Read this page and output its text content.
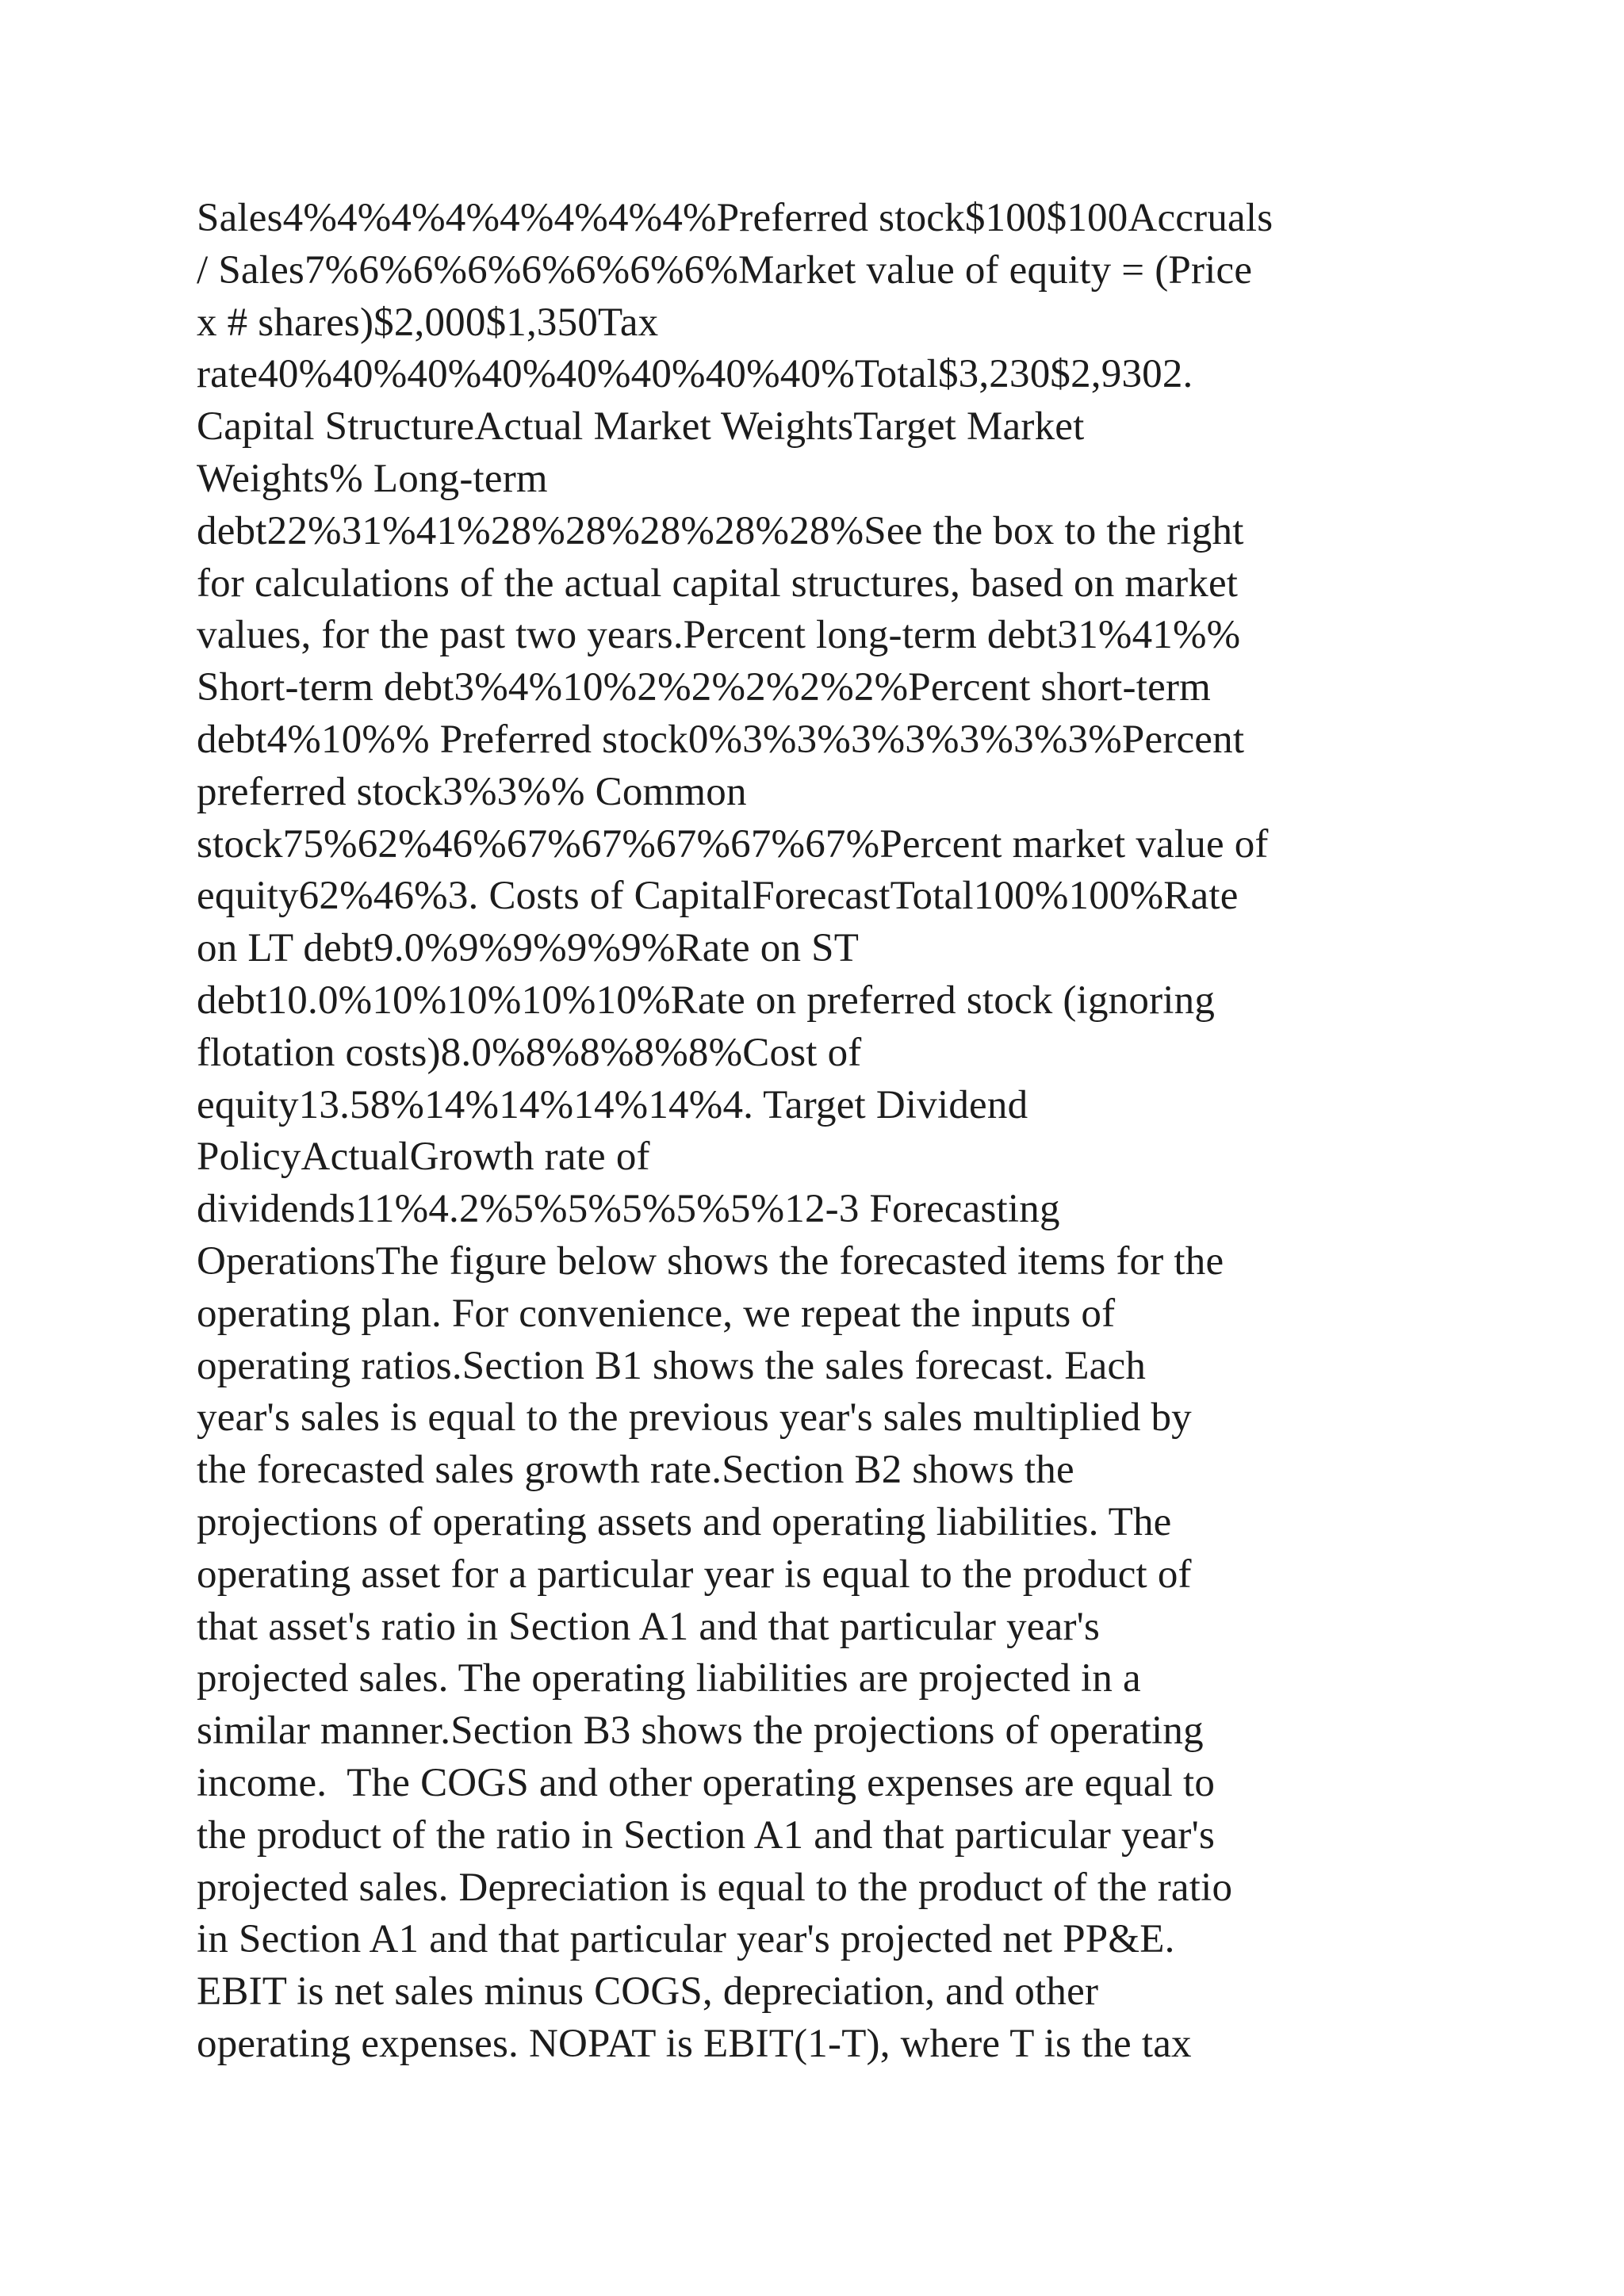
Sales4%4%4%4%4%4%4%4%Preferred stock$100$100Accruals
/ Sales7%6%6%6%6%6%6%6%Market value of equity = (Price
x # shares)$2,000$1,350Tax
rate40%40%40%40%40%40%40%40%Total$3,230$2,9302.
Capital StructureActual Market WeightsTarget Market
Weights% Long-term
debt22%31%41%28%28%28%28%28%See the box to the right
for calculations of the actual capital structures, based on market
values, for the past two years.Percent long-term debt31%41%%
Short-term debt3%4%10%2%2%2%2%2%Percent short-term
debt4%10%% Preferred stock0%3%3%3%3%3%3%3%Percent
preferred stock3%3%% Common
stock75%62%46%67%67%67%67%67%Percent market value of
equity62%46%3. Costs of CapitalForecastTotal100%100%Rate
on LT debt9.0%9%9%9%9%Rate on ST
debt10.0%10%10%10%10%Rate on preferred stock (ignoring
flotation costs)8.0%8%8%8%8%Cost of
equity13.58%14%14%14%14%4. Target Dividend
PolicyActualGrowth rate of
dividends11%4.2%5%5%5%5%5%12-3 Forecasting
OperationsThe figure below shows the forecasted items for the
operating plan. For convenience, we repeat the inputs of
operating ratios.Section B1 shows the sales forecast. Each
year's sales is equal to the previous year's sales multiplied by
the forecasted sales growth rate.Section B2 shows the
projections of operating assets and operating liabilities. The
operating asset for a particular year is equal to the product of
that asset's ratio in Section A1 and that particular year's
projected sales. The operating liabilities are projected in a
similar manner.Section B3 shows the projections of operating
income.  The COGS and other operating expenses are equal to
the product of the ratio in Section A1 and that particular year's
projected sales. Depreciation is equal to the product of the ratio
in Section A1 and that particular year's projected net PP&E.
EBIT is net sales minus COGS, depreciation, and other
operating expenses. NOPAT is EBIT(1-T), where T is the tax
